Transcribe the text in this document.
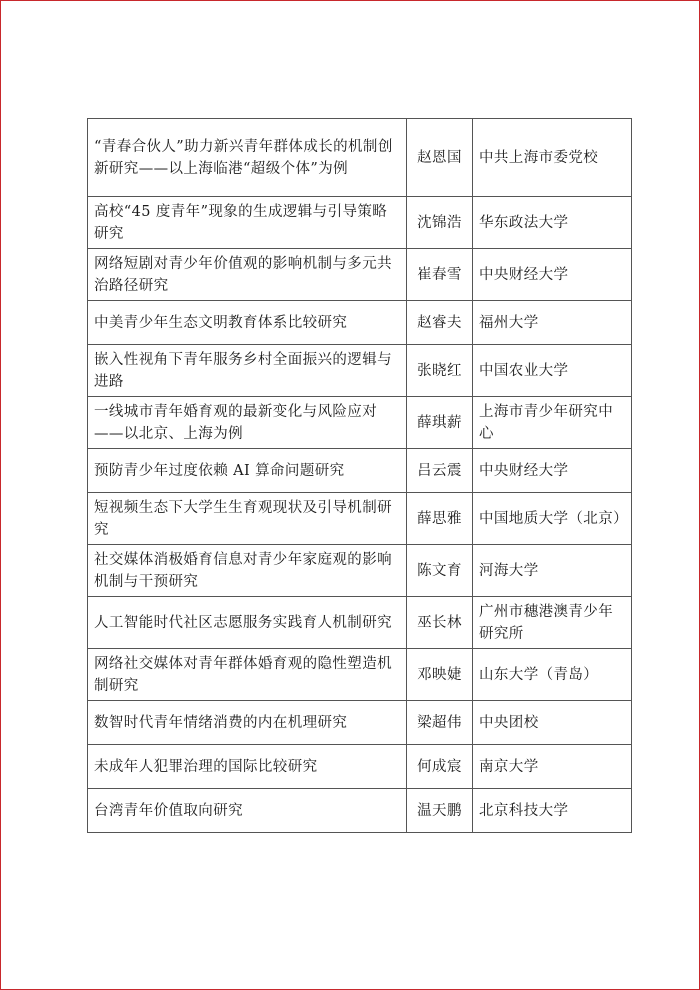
“青春合伙人”助力新兴青年群体成长的机制创新研究——以上海临港“超级个体”为例	赵恩国	中共上海市委党校
高校“45 度青年”现象的生成逻辑与引导策略研究	沈锦浩	华东政法大学
网络短剧对青少年价值观的影响机制与多元共治路径研究	崔春雪	中央财经大学
中美青少年生态文明教育体系比较研究	赵睿夫	福州大学
嵌入性视角下青年服务乡村全面振兴的逻辑与进路	张晓红	中国农业大学
一线城市青年婚育观的最新变化与风险应对——以北京、上海为例	薛琪薪	上海市青少年研究中心
预防青少年过度依赖 AI 算命问题研究	吕云震	中央财经大学
短视频生态下大学生生育观现状及引导机制研究	薛思雅	中国地质大学（北京）
社交媒体消极婚育信息对青少年家庭观的影响机制与干预研究	陈文育	河海大学
人工智能时代社区志愿服务实践育人机制研究	巫长林	广州市穗港澳青少年研究所
网络社交媒体对青年群体婚育观的隐性塑造机制研究	邓映婕	山东大学（青岛）
数智时代青年情绪消费的内在机理研究	梁超伟	中央团校
未成年人犯罪治理的国际比较研究	何成宸	南京大学
台湾青年价值取向研究	温天鹏	北京科技大学
